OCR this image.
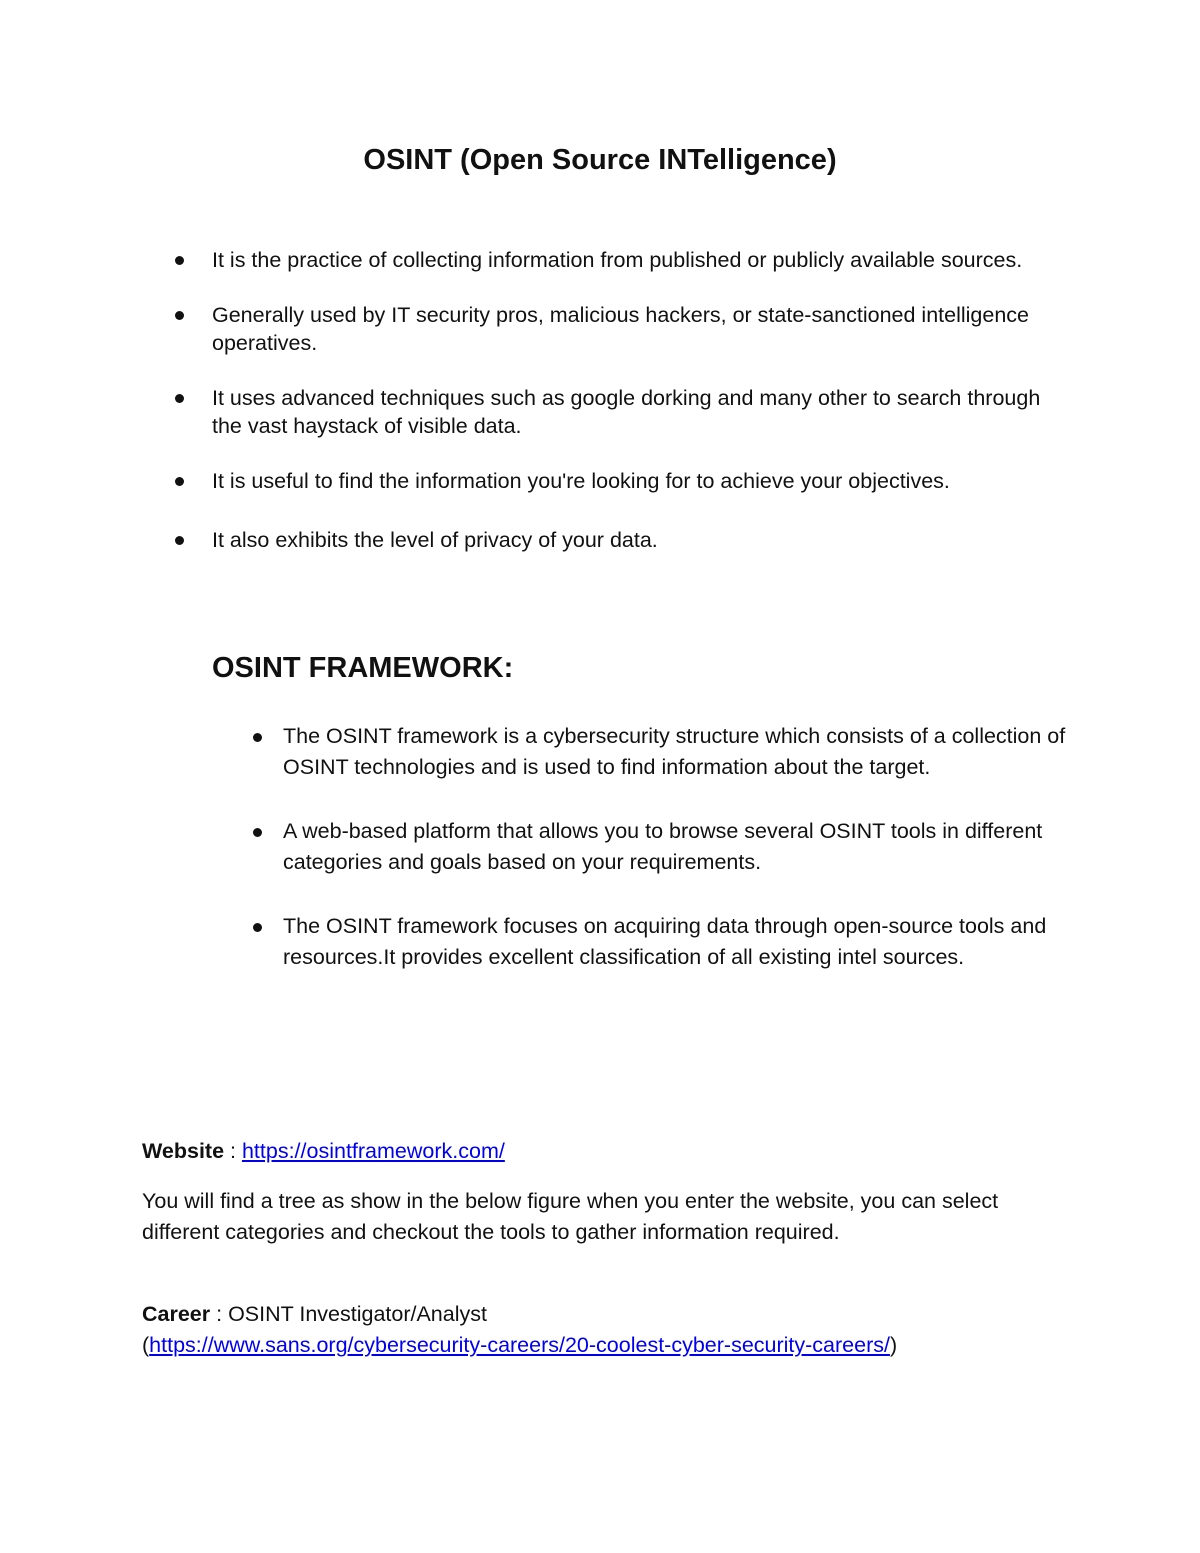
OSINT (Open Source INTelligence)
It is the practice of collecting information from published or publicly available sources.
Generally used by IT security pros, malicious hackers, or state-sanctioned intelligence operatives.
It uses advanced techniques such as google dorking and many other to search through the vast haystack of visible data.
It is useful to find the information you're looking for to achieve your objectives.
It also exhibits the level of privacy of your data.
OSINT FRAMEWORK:
The OSINT framework is a cybersecurity structure which consists of a collection of OSINT technologies and is used to find information about the target.
A web-based platform that allows you to browse several OSINT tools in different categories and goals based on your requirements.
The OSINT framework focuses on acquiring data through open-source tools and resources.It provides excellent classification of all existing intel sources.

Website : https://osintframework.com/

You will find a tree as show in the below figure when you enter the website, you can select different categories and checkout the tools to gather information required.

Career : OSINT Investigator/Analyst
(https://www.sans.org/cybersecurity-careers/20-coolest-cyber-security-careers/)
